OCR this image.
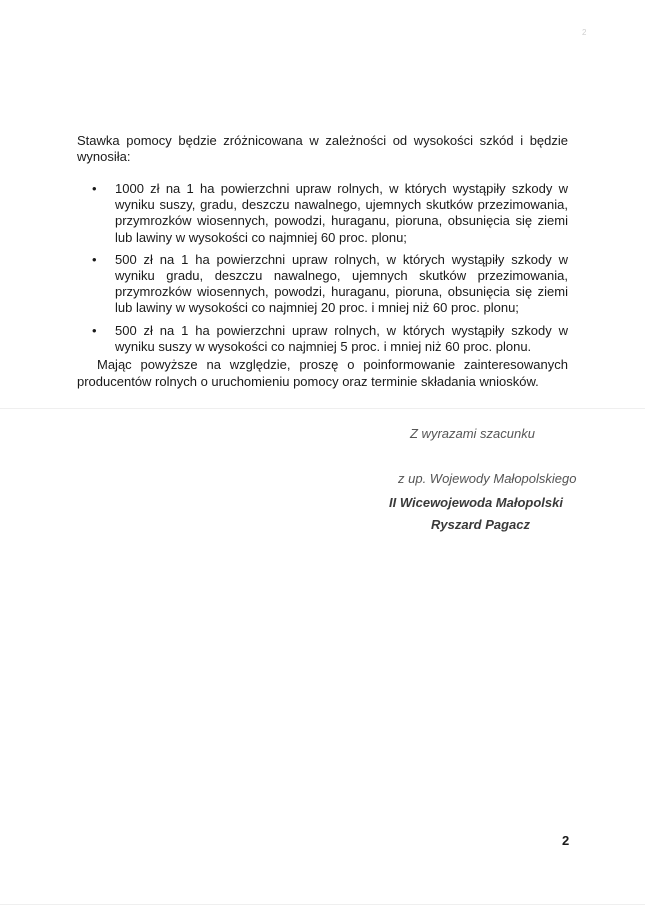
2

Stawka pomocy będzie zróżnicowana w zależności od wysokości szkód i będzie wynosiła:

• 1000 zł na 1 ha powierzchni upraw rolnych, w których wystąpiły szkody w wyniku suszy, gradu, deszczu nawalnego, ujemnych skutków przezimowania, przymrozków wiosennych, powodzi, huraganu, pioruna, obsunięcia się ziemi lub lawiny w wysokości co najmniej 60 proc. plonu;
• 500 zł na 1 ha powierzchni upraw rolnych, w których wystąpiły szkody w wyniku gradu, deszczu nawalnego, ujemnych skutków przezimowania, przymrozków wiosennych, powodzi, huraganu, pioruna, obsunięcia się ziemi lub lawiny w wysokości co najmniej 20 proc. i mniej niż 60 proc. plonu;
• 500 zł na 1 ha powierzchni upraw rolnych, w których wystąpiły szkody w wyniku suszy w wysokości co najmniej 5 proc. i mniej niż 60 proc. plonu.

Mając powyższe na względzie, proszę o poinformowanie zainteresowanych producentów rolnych o uruchomieniu pomocy oraz terminie składania wniosków.

Z wyrazami szacunku
z up. Wojewody Małopolskiego
II Wicewojewoda Małopolski
Ryszard Pagacz
2
